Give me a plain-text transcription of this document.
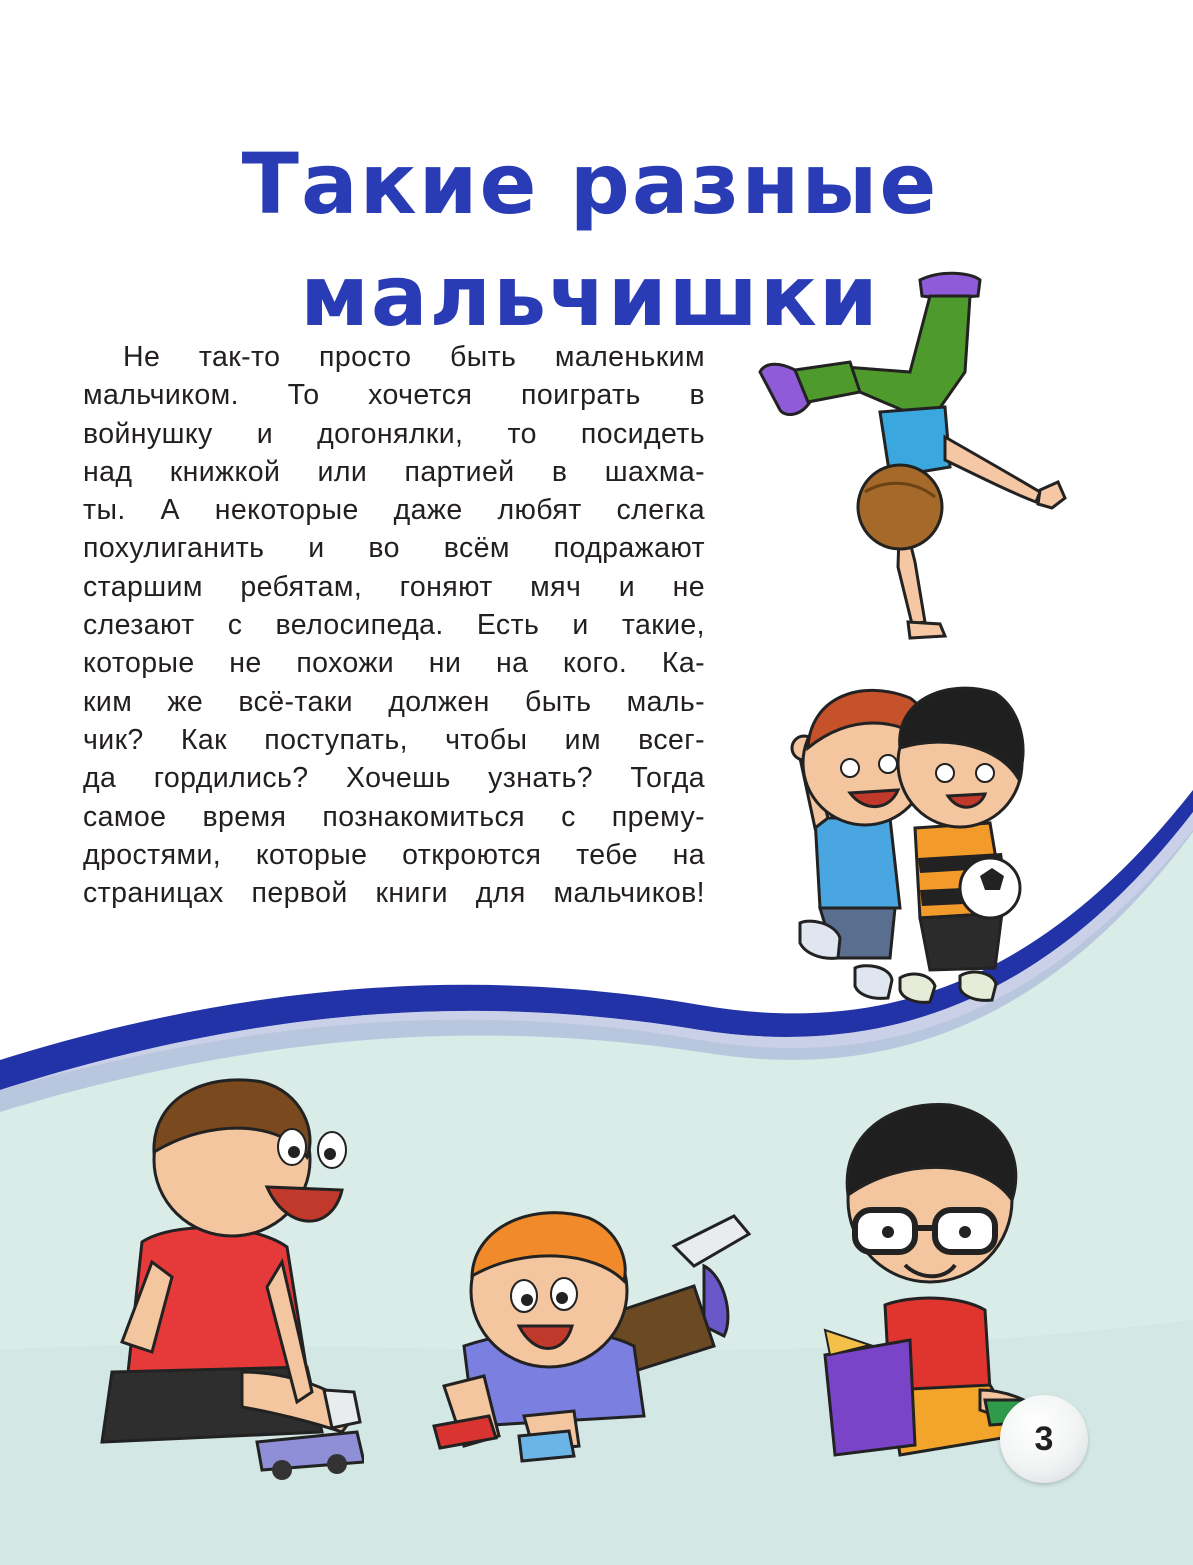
Такие разные
мальчишки
Не так-то просто быть маленьким
мальчиком. То хочется поиграть в
войнушку и догонялки, то посидеть
над книжкой или партией в шахма-
ты. А некоторые даже любят слегка
похулиганить и во всём подражают
старшим ребятам, гоняют мяч и не
слезают с велосипеда. Есть и такие,
которые не похожи ни на кого. Ка-
ким же всё-таки должен быть маль-
чик? Как поступать, чтобы им всег-
да гордились? Хочешь узнать? Тогда
самое время познакомиться с прему-
дростями, которые откроются тебе на
страницах первой книги для мальчиков!
3
